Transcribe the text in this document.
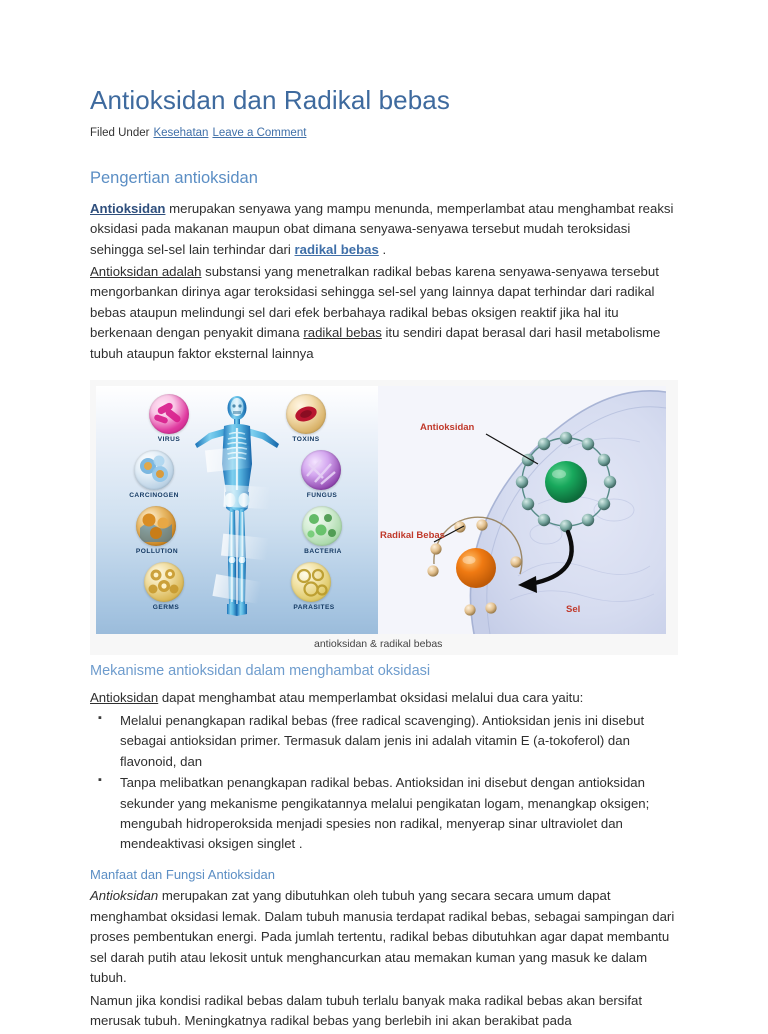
Antioksidan dan Radikal bebas
Filed Under Kesehatan Leave a Comment
Pengertian antioksidan

Antioksidan merupakan senyawa yang mampu menunda, memperlambat atau menghambat reaksi oksidasi pada makanan maupun obat dimana senyawa-senyawa tersebut mudah teroksidasi sehingga sel-sel lain terhindar dari radikal bebas .

Antioksidan adalah substansi yang menetralkan radikal bebas karena senyawa-senyawa tersebut mengorbankan dirinya agar teroksidasi sehingga sel-sel yang lainnya dapat terhindar dari radikal bebas ataupun melindungi sel dari efek berbahaya radikal bebas oksigen reaktif jika hal itu berkenaan dengan penyakit dimana radikal bebas itu sendiri dapat berasal dari hasil metabolisme tubuh ataupun faktor eksternal lainnya

VIRUS	TOXINS
CARCINOGEN	FUNGUS
POLLUTION	BACTERIA
GERMS	PARASITES
Antioksidan
Radikal Bebas
Sel
antioksidan & radikal bebas
Mekanisme antioksidan dalam menghambat oksidasi

Antioksidan dapat menghambat atau memperlambat oksidasi melalui dua cara yaitu:

▪ Melalui penangkapan radikal bebas (free radical scavenging). Antioksidan jenis ini disebut sebagai antioksidan primer. Termasuk dalam jenis ini adalah vitamin E (a-tokoferol) dan flavonoid, dan
▪ Tanpa melibatkan penangkapan radikal bebas. Antioksidan ini disebut dengan antioksidan sekunder yang mekanisme pengikatannya melalui pengikatan logam, menangkap oksigen; mengubah hidroperoksida menjadi spesies non radikal, menyerap sinar ultraviolet dan mendeaktivasi oksigen singlet .
Manfaat dan Fungsi Antioksidan

Antioksidan merupakan zat yang dibutuhkan oleh tubuh yang secara secara umum dapat menghambat oksidasi lemak. Dalam tubuh manusia terdapat radikal bebas, sebagai sampingan dari proses pembentukan energi. Pada jumlah tertentu, radikal bebas dibutuhkan agar dapat membantu sel darah putih atau lekosit untuk menghancurkan atau memakan kuman yang masuk ke dalam tubuh.

Namun jika kondisi radikal bebas dalam tubuh terlalu banyak maka radikal bebas akan bersifat merusak tubuh. Meningkatnya radikal bebas yang berlebih ini akan berakibat pada
